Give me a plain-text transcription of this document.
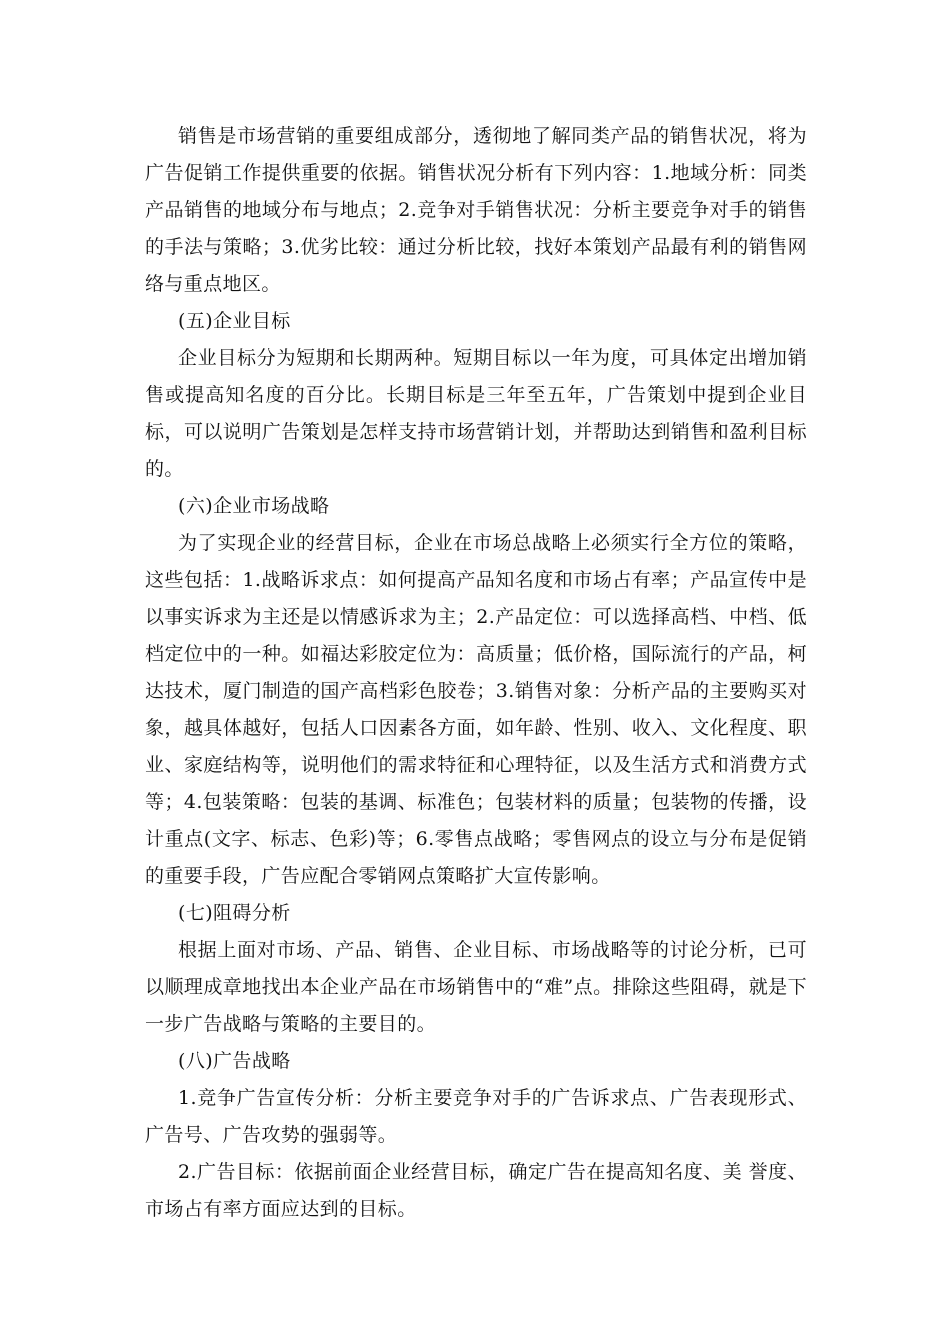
销售是市场营销的重要组成部分，透彻地了解同类产品的销售状况，将为广告促销工作提供重要的依据。销售状况分析有下列内容：1.地域分析：同类产品销售的地域分布与地点；2.竞争对手销售状况：分析主要竞争对手的销售的手法与策略；3.优劣比较：通过分析比较，找好本策划产品最有利的销售网络与重点地区。

(五)企业目标

企业目标分为短期和长期两种。短期目标以一年为度，可具体定出增加销售或提高知名度的百分比。长期目标是三年至五年，广告策划中提到企业目标，可以说明广告策划是怎样支持市场营销计划，并帮助达到销售和盈利目标的。

(六)企业市场战略

为了实现企业的经营目标，企业在市场总战略上必须实行全方位的策略，这些包括：1.战略诉求点：如何提高产品知名度和市场占有率；产品宣传中是以事实诉求为主还是以情感诉求为主；2.产品定位：可以选择高档、中档、低档定位中的一种。如福达彩胶定位为：高质量；低价格，国际流行的产品，柯达技术，厦门制造的国产高档彩色胶卷；3.销售对象：分析产品的主要购买对象，越具体越好，包括人口因素各方面，如年龄、性别、收入、文化程度、职业、家庭结构等，说明他们的需求特征和心理特征，以及生活方式和消费方式等；4.包装策略：包装的基调、标准色；包装材料的质量；包装物的传播，设计重点(文字、标志、色彩)等；6.零售点战略；零售网点的设立与分布是促销的重要手段，广告应配合零销网点策略扩大宣传影响。

(七)阻碍分析

根据上面对市场、产品、销售、企业目标、市场战略等的讨论分析，已可以顺理成章地找出本企业产品在市场销售中的“难”点。排除这些阻碍，就是下一步广告战略与策略的主要目的。

(八)广告战略

1.竞争广告宣传分析：分析主要竞争对手的广告诉求点、广告表现形式、广告号、广告攻势的强弱等。

2.广告目标：依据前面企业经营目标，确定广告在提高知名度、美 誉度、市场占有率方面应达到的目标。
